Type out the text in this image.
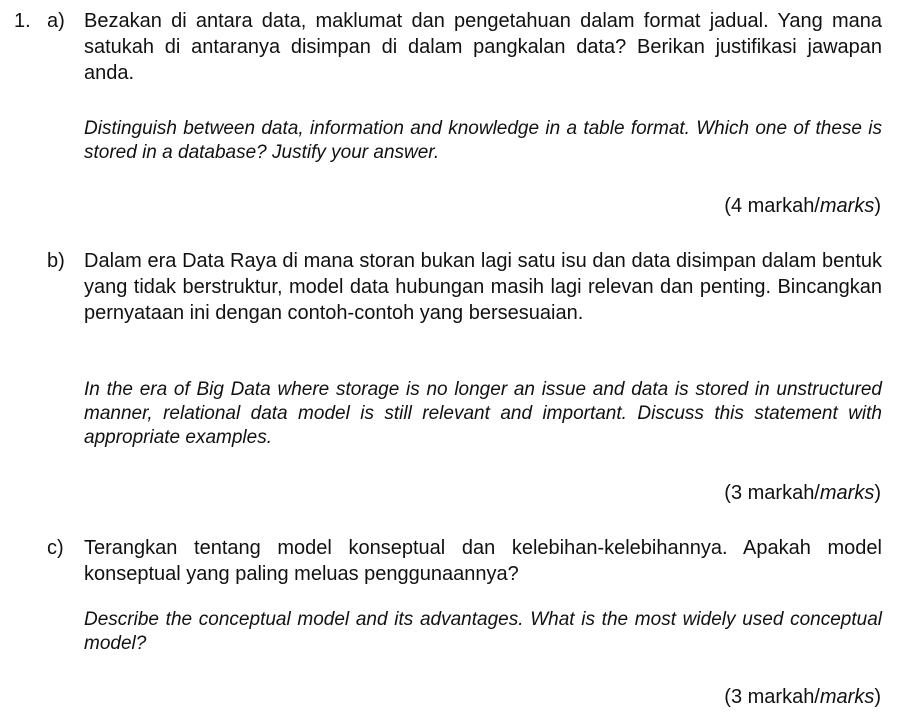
1. a) Bezakan di antara data, maklumat dan pengetahuan dalam format jadual. Yang mana satukah di antaranya disimpan di dalam pangkalan data? Berikan justifikasi jawapan anda.
Distinguish between data, information and knowledge in a table format. Which one of these is stored in a database? Justify your answer.
(4 markah/marks)
b) Dalam era Data Raya di mana storan bukan lagi satu isu dan data disimpan dalam bentuk yang tidak berstruktur, model data hubungan masih lagi relevan dan penting. Bincangkan pernyataan ini dengan contoh-contoh yang bersesuaian.
In the era of Big Data where storage is no longer an issue and data is stored in unstructured manner, relational data model is still relevant and important. Discuss this statement with appropriate examples.
(3 markah/marks)
c) Terangkan tentang model konseptual dan kelebihan-kelebihannya. Apakah model konseptual yang paling meluas penggunaannya?
Describe the conceptual model and its advantages. What is the most widely used conceptual model?
(3 markah/marks)
